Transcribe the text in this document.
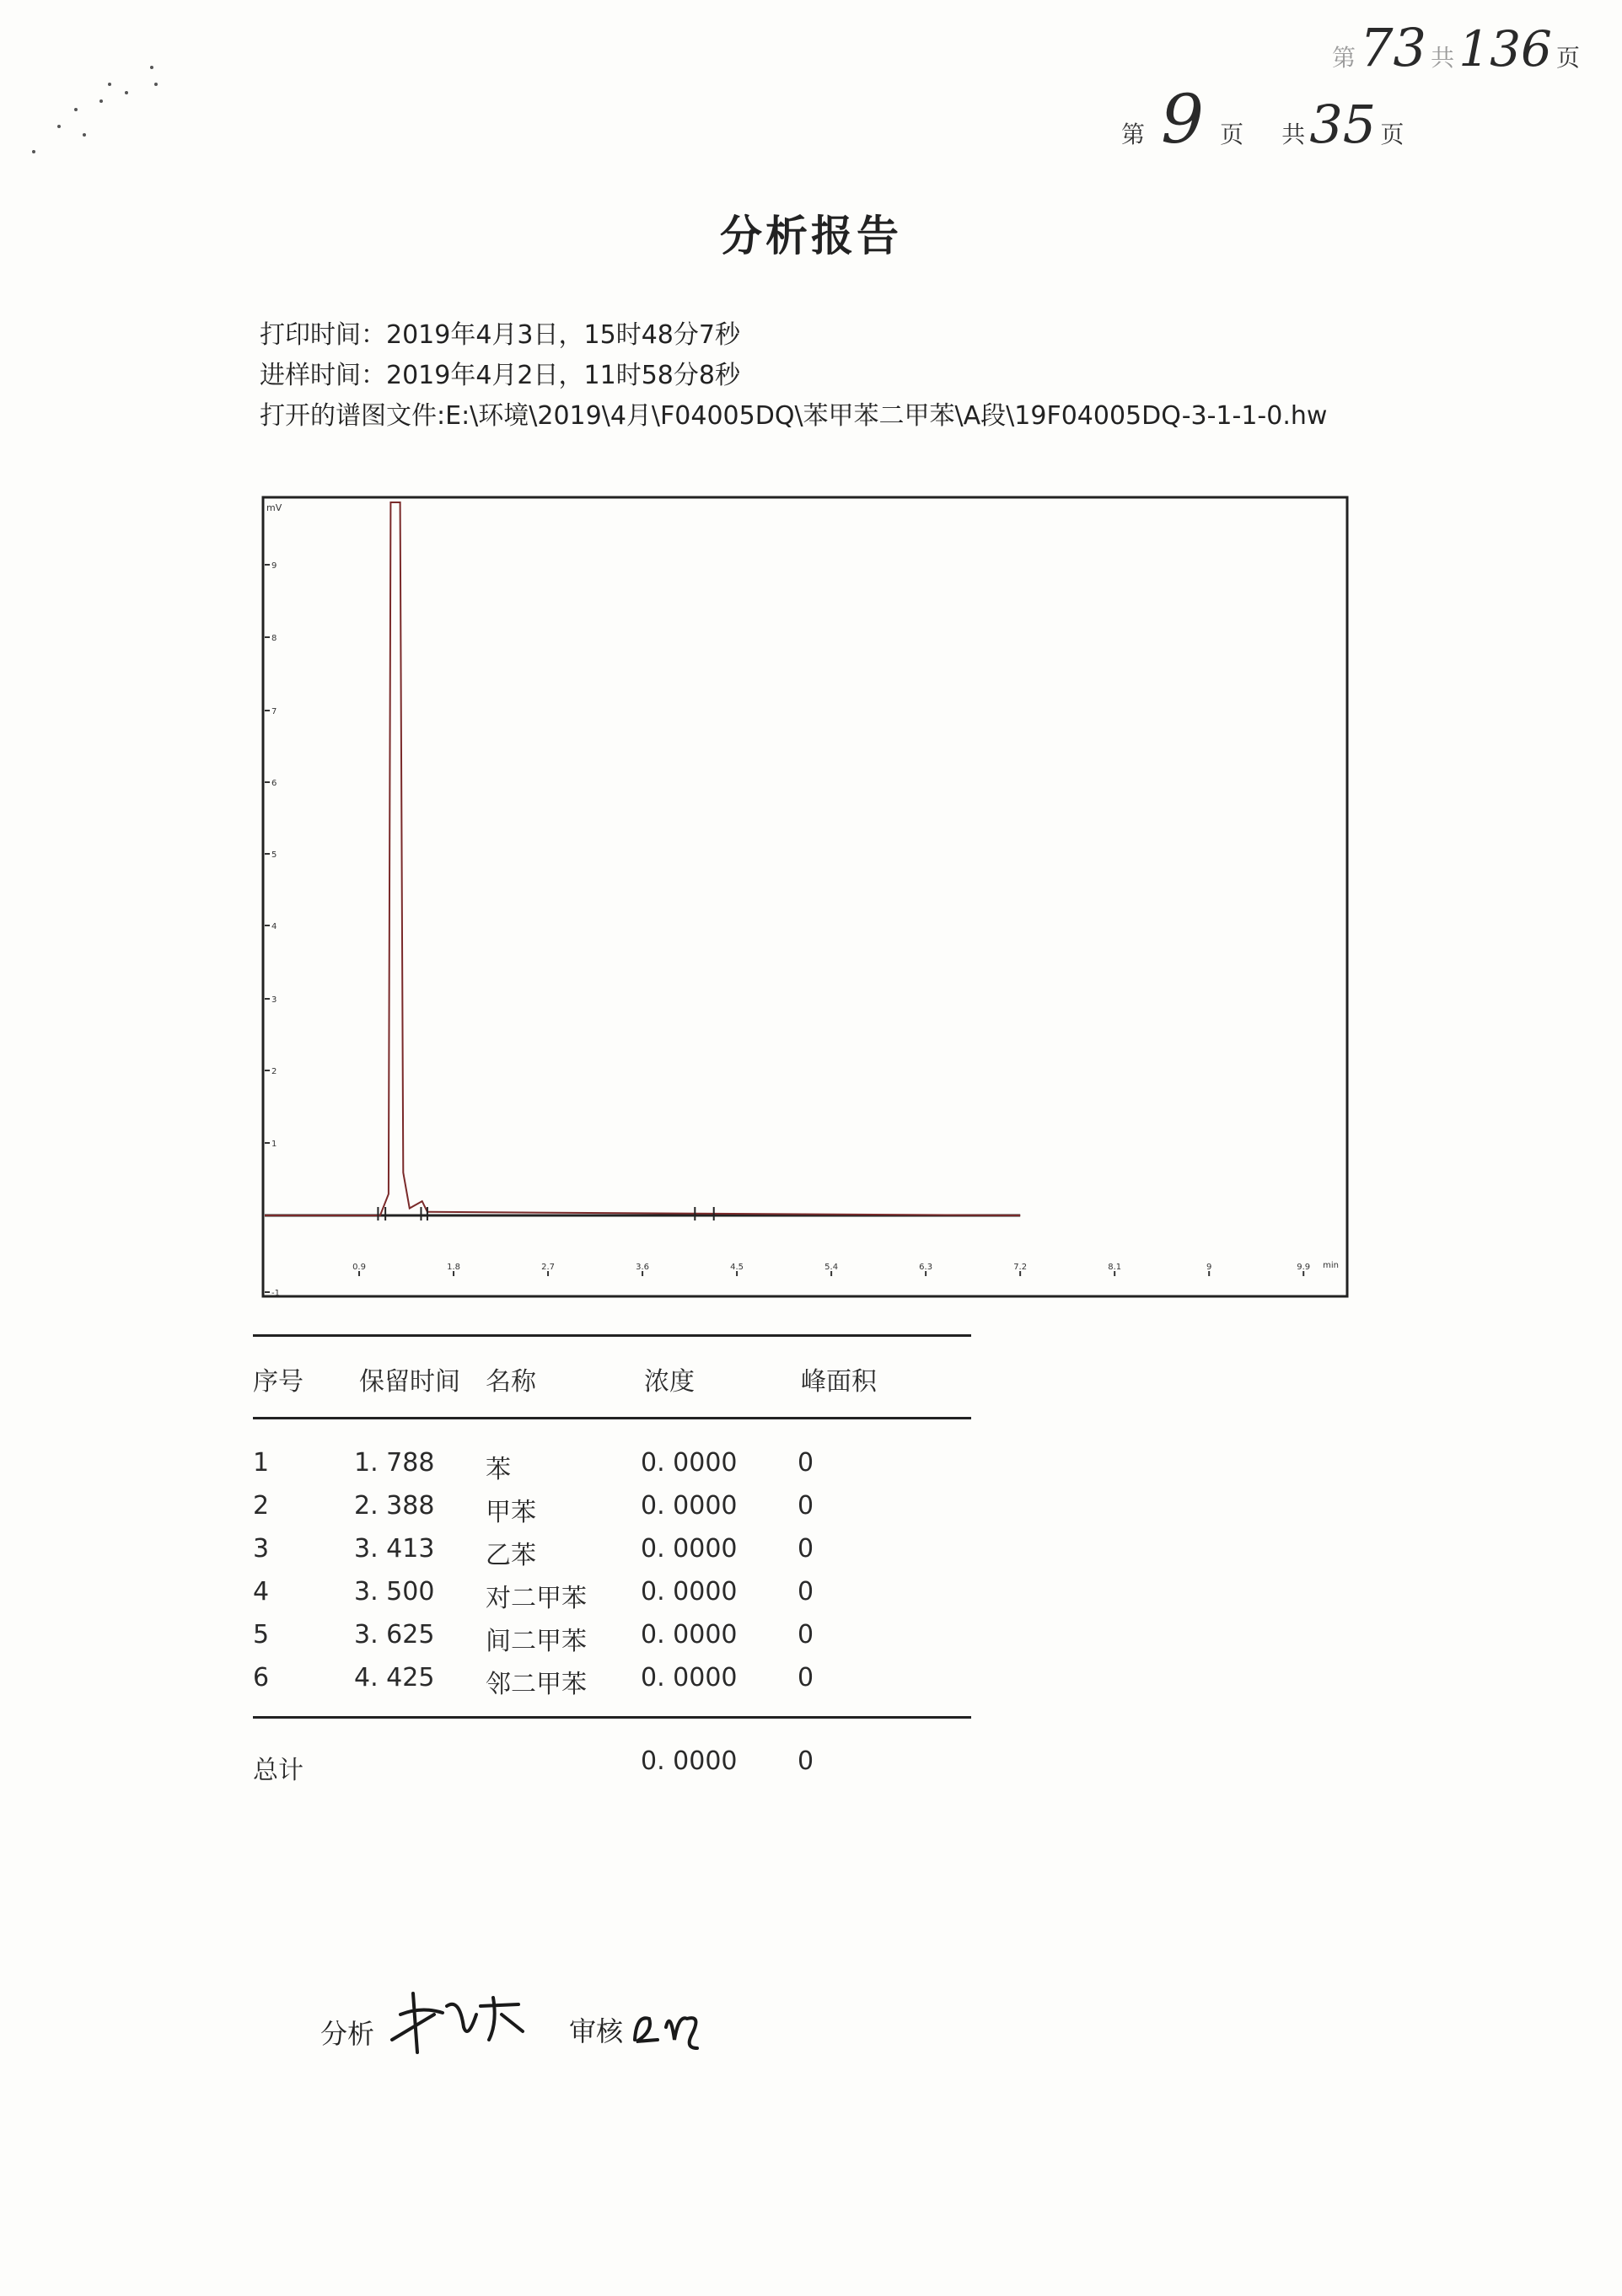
第 73 共 136 页
第 9 页 共 35 页
分析报告
打印时间：2019年4月3日，15时48分7秒
进样时间：2019年4月2日，11时58分8秒
打开的谱图文件:E:\环境\2019\4月\F04005DQ\苯甲苯二甲苯\A段\19F04005DQ-3-1-1-0.hw
-1
1
2
3
4
5
6
7
8
9
mV
0.9	1.8	2.7	3.6	4.5	5.4	6.3	7.2	8.1	9	9.9 min
序号 保留时间 名称	浓度	峰面积
1	1. 788 苯	0. 0000 0
2	2. 388 甲苯	0. 0000 0
3	3. 413 乙苯	0. 0000 0
4	3. 500 对二甲苯 0. 0000 0
5	3. 625 间二甲苯 0. 0000 0
6	4. 425 邻二甲苯 0. 0000 0
总计	0. 0000 0
分析	审核
